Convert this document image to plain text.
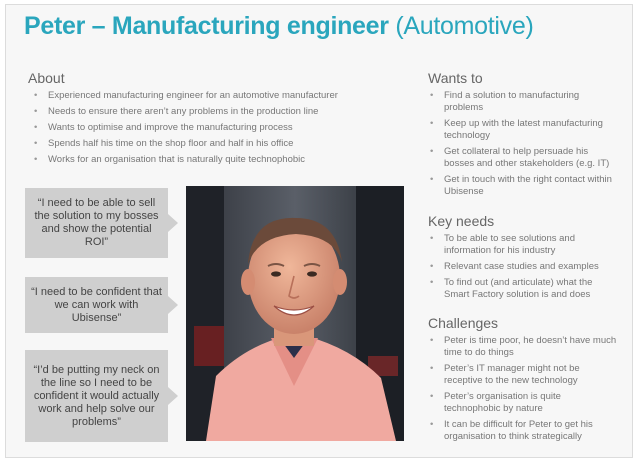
Peter – Manufacturing engineer (Automotive)
About
• Experienced manufacturing engineer for an automotive manufacturer
• Needs to ensure there aren’t any problems in the production line
• Wants to optimise and improve the manufacturing process
• Spends half his time on the shop floor and half in his office
• Works for an organisation that is naturally quite technophobic
“I need to be able to sell the solution to my bosses and show the potential ROI”
“I need to be confident that we can work with Ubisense”
“I’d be putting my neck on the line so I need to be confident it would actually work and help solve our problems”
Wants to
• Find a solution to manufacturing problems
• Keep up with the latest manufacturing technology
• Get collateral to help persuade his bosses and other stakeholders (e.g. IT)
• Get in touch with the right contact within Ubisense
Key needs
• To be able to see solutions and information for his industry
• Relevant case studies and examples
• To find out (and articulate) what the Smart Factory solution is and does
Challenges
• Peter is time poor, he doesn’t have much time to do things
• Peter’s IT manager might not be receptive to the new technology
• Peter’s organisation is quite technophobic by nature
• It can be difficult for Peter to get his organisation to think strategically
